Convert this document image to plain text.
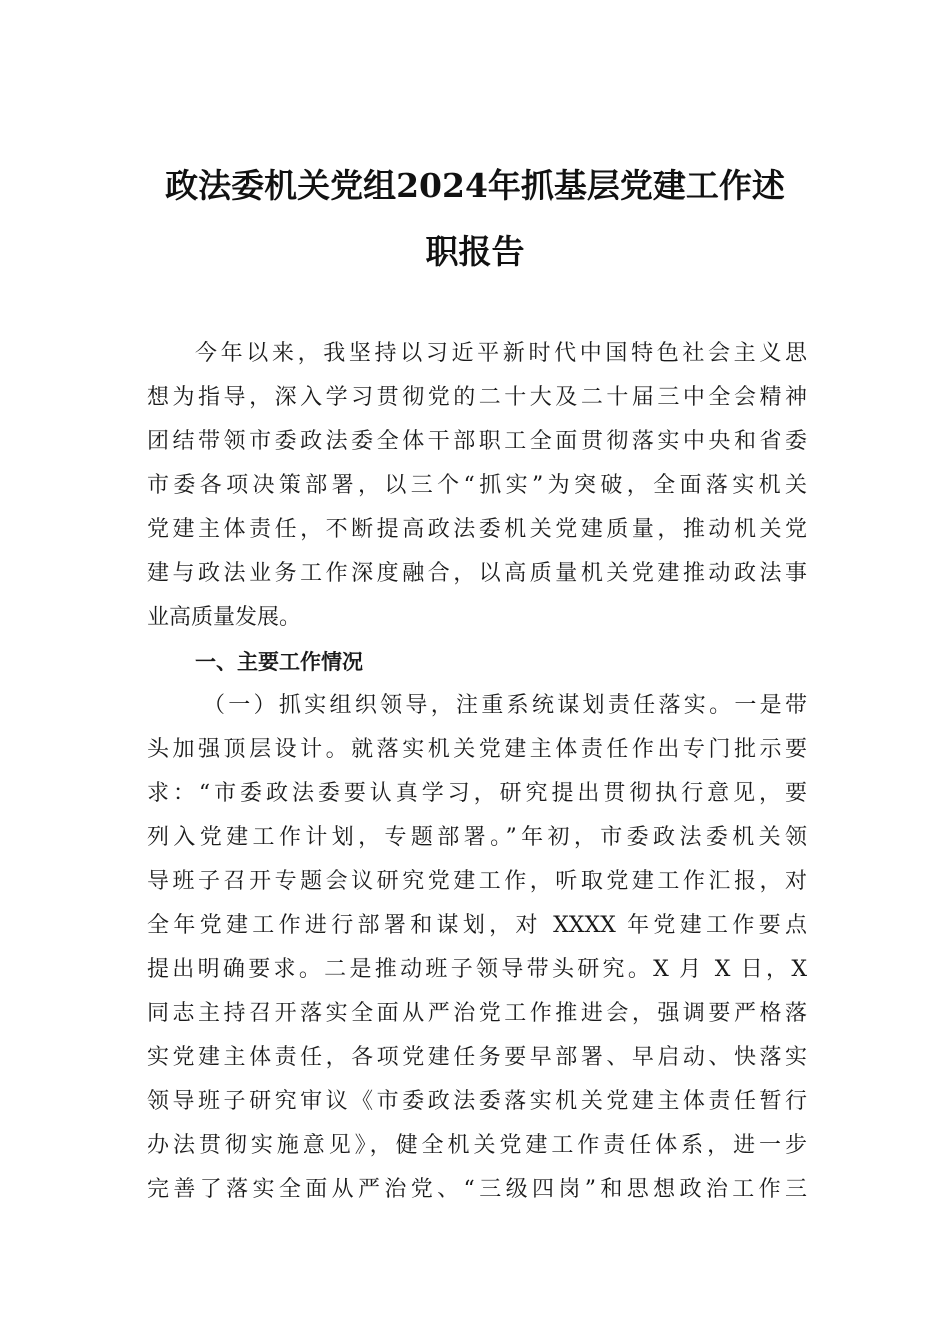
政法委机关党组2024年抓基层党建工作述
职报告
今年以来，我坚持以习近平新时代中国特色社会主义思
想为指导，深入学习贯彻党的二十大及二十届三中全会精神
团结带领市委政法委全体干部职工全面贯彻落实中央和省委
市委各项决策部署，以三个“抓实”为突破，全面落实机关
党建主体责任，不断提高政法委机关党建质量，推动机关党
建与政法业务工作深度融合，以高质量机关党建推动政法事
业高质量发展。
一、主要工作情况
（一）抓实组织领导，注重系统谋划责任落实。一是带
头加强顶层设计。就落实机关党建主体责任作出专门批示要
求：“市委政法委要认真学习，研究提出贯彻执行意见，要
列入党建工作计划，专题部署。”年初，市委政法委机关领
导班子召开专题会议研究党建工作，听取党建工作汇报，对
全年党建工作进行部署和谋划，对 XXXX 年党建工作要点
提出明确要求。二是推动班子领导带头研究。X 月 X 日，X
同志主持召开落实全面从严治党工作推进会，强调要严格落
实党建主体责任，各项党建任务要早部署、早启动、快落实
领导班子研究审议《市委政法委落实机关党建主体责任暂行
办法贯彻实施意见》，健全机关党建工作责任体系，进一步
完善了落实全面从严治党、“三级四岗”和思想政治工作三
